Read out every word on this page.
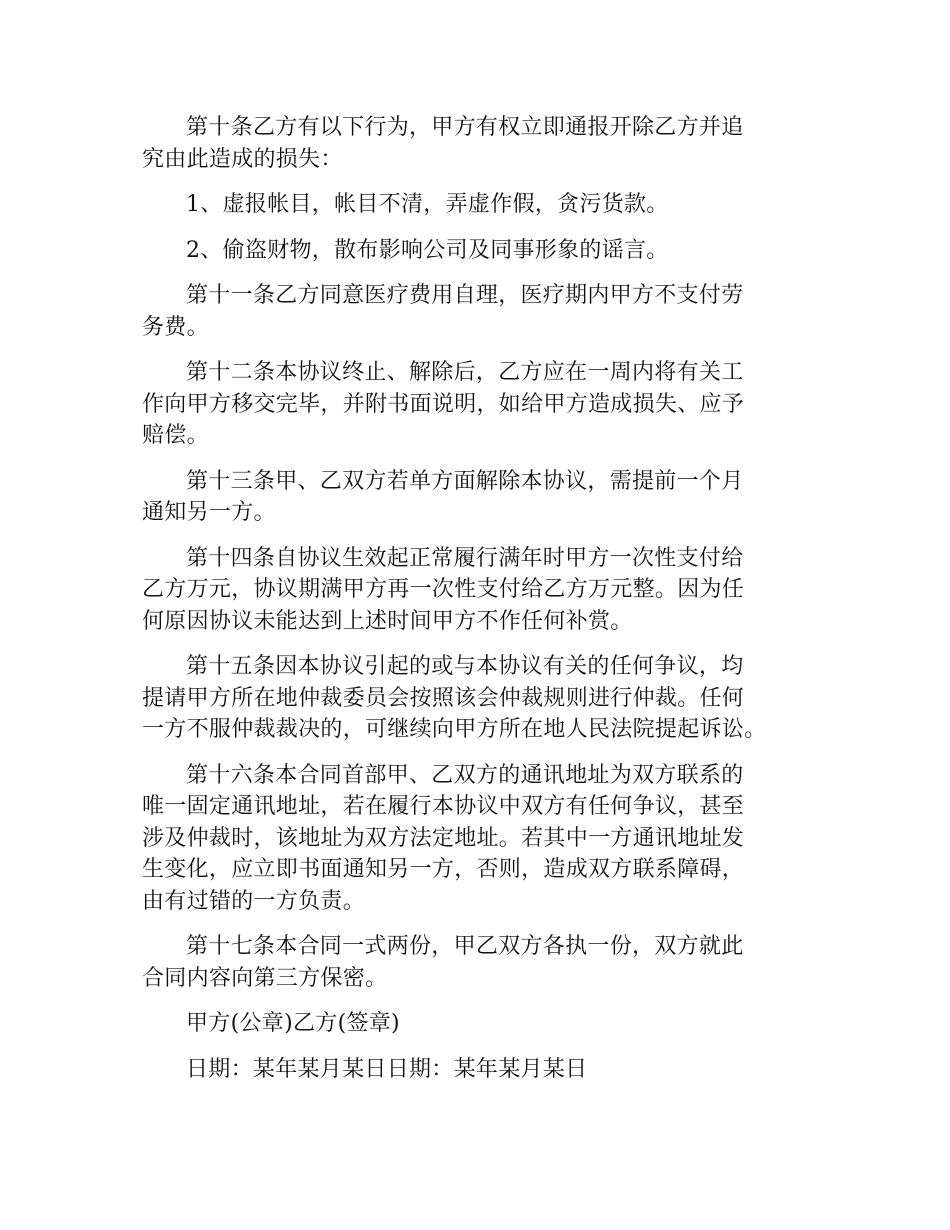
第十条乙方有以下行为，甲方有权立即通报开除乙方并追
究由此造成的损失：

1、虚报帐目，帐目不清，弄虚作假，贪污货款。

2、偷盗财物，散布影响公司及同事形象的谣言。

第十一条乙方同意医疗费用自理，医疗期内甲方不支付劳
务费。

第十二条本协议终止、解除后，乙方应在一周内将有关工
作向甲方移交完毕，并附书面说明，如给甲方造成损失、应予
赔偿。

第十三条甲、乙双方若单方面解除本协议，需提前一个月
通知另一方。

第十四条自协议生效起正常履行满年时甲方一次性支付给
乙方万元，协议期满甲方再一次性支付给乙方万元整。因为任
何原因协议未能达到上述时间甲方不作任何补赏。

第十五条因本协议引起的或与本协议有关的任何争议，均
提请甲方所在地仲裁委员会按照该会仲裁规则进行仲裁。任何
一方不服仲裁裁决的，可继续向甲方所在地人民法院提起诉讼。

第十六条本合同首部甲、乙双方的通讯地址为双方联系的
唯一固定通讯地址，若在履行本协议中双方有任何争议，甚至
涉及仲裁时，该地址为双方法定地址。若其中一方通讯地址发
生变化，应立即书面通知另一方，否则，造成双方联系障碍，
由有过错的一方负责。

第十七条本合同一式两份，甲乙双方各执一份，双方就此
合同内容向第三方保密。

甲方(公章)乙方(签章)

日期：某年某月某日日期：某年某月某日
